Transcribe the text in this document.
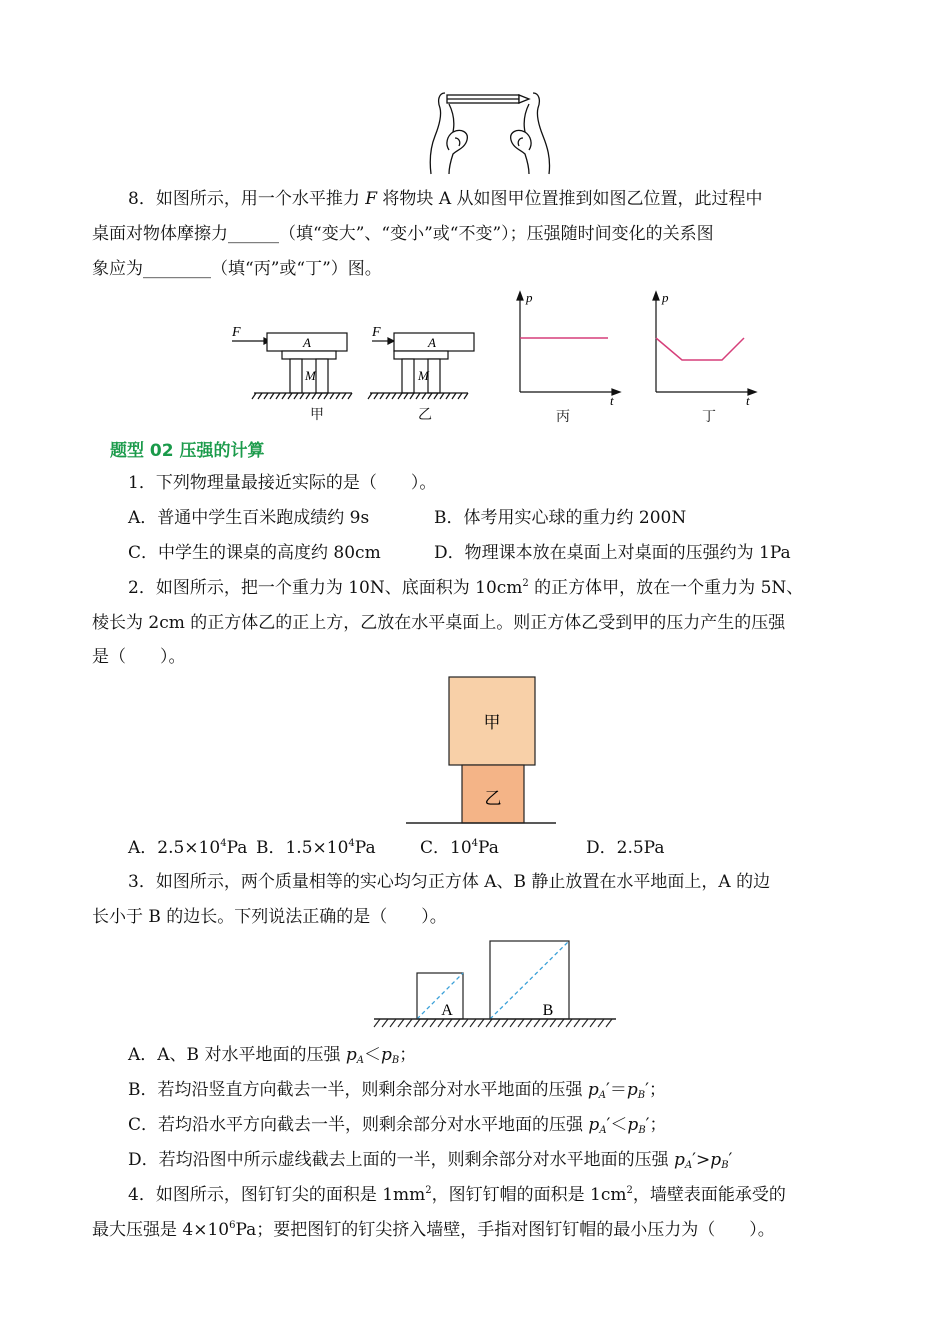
8．如图所示，用一个水平推力 F 将物块 A 从如图甲位置推到如图乙位置，此过程中
桌面对物体摩擦力______（填“变大”、“变小”或“不变”）；压强随时间变化的关系图
象应为________（填“丙”或“丁”）图。
F
A
M
甲
F
A
M
乙
p
t
丙
p
t
丁
题型 02 压强的计算
1．下列物理量最接近实际的是（　　）。
A．普通中学生百米跑成绩约 9s	B．体考用实心球的重力约 200N
C．中学生的课桌的高度约 80cm	D．物理课本放在桌面上对桌面的压强约为 1Pa
2．如图所示，把一个重力为 10N、底面积为 $10cm^2$ 的正方体甲，放在一个重力为 5N、
棱长为 2cm 的正方体乙的正上方，乙放在水平桌面上。则正方体乙受到甲的压力产生的压强
是（　　）。
甲
乙
A．$2.5\times 10^4Pa$ B．$1.5\times 10^4Pa$	C．$10^4Pa$	D．2.5Pa
3．如图所示，两个质量相等的实心均匀正方体 A、B 静止放置在水平地面上，A 的边
长小于 B 的边长。下列说法正确的是（　　）。
A	B
A．A、B 对水平地面的压强 $p_A<p_B$；
B．若均沿竖直方向截去一半，则剩余部分对水平地面的压强 $p_A'=p_B'$；
C．若均沿水平方向截去一半，则剩余部分对水平地面的压强 $p_A'<p_B'$；
D．若均沿图中所示虚线截去上面的一半，则剩余部分对水平地面的压强 $p_A'>p_B'$
4．如图所示，图钉钉尖的面积是 $1mm^2$，图钉钉帽的面积是 $1cm^2$，墙壁表面能承受的
最大压强是 $4\times 10^6Pa$；要把图钉的钉尖挤入墙壁，手指对图钉钉帽的最小压力为（　　）。
